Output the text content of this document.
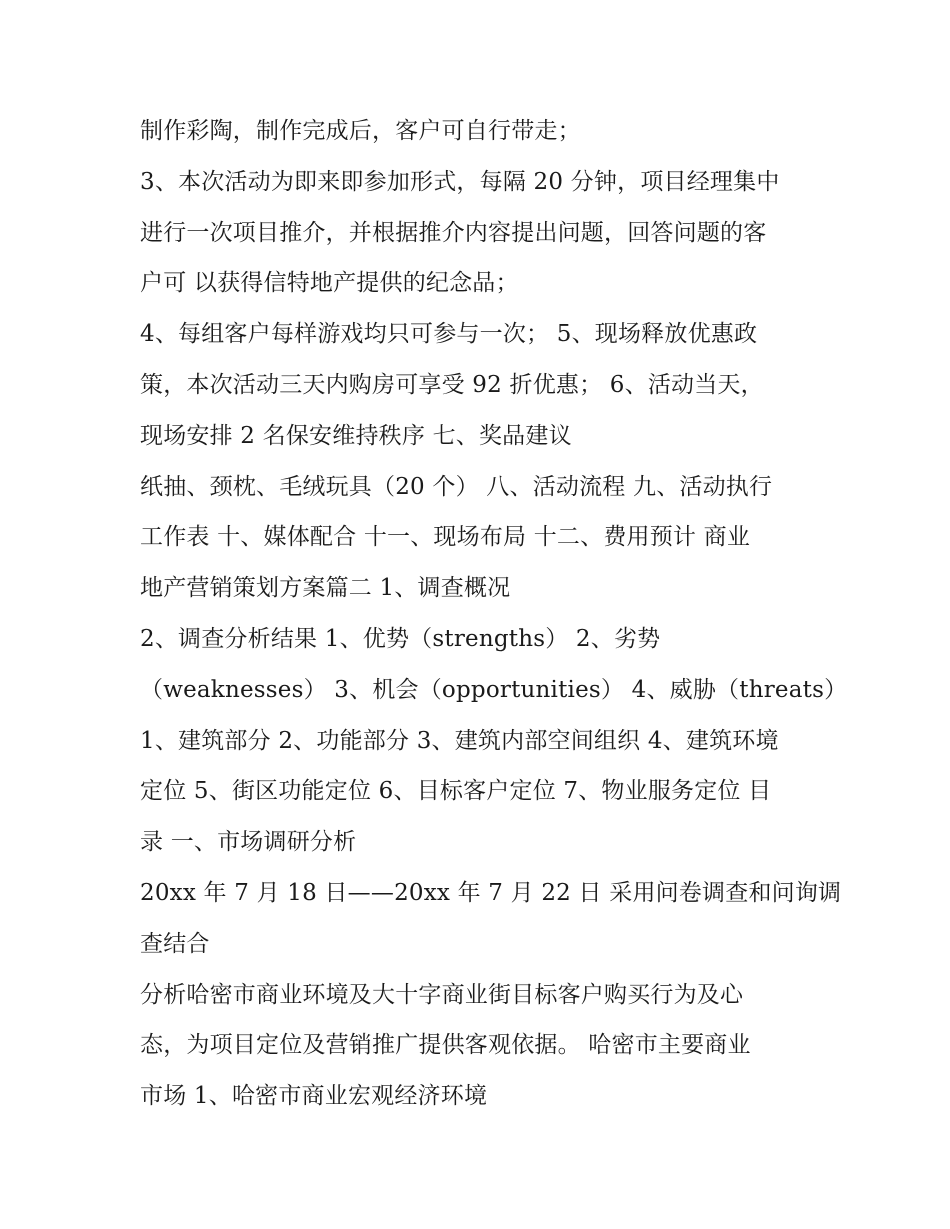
制作彩陶，制作完成后，客户可自行带走；
3、本次活动为即来即参加形式，每隔 20 分钟，项目经理集中
进行一次项目推介，并根据推介内容提出问题，回答问题的客
户可 以获得信特地产提供的纪念品；
4、每组客户每样游戏均只可参与一次； 5、现场释放优惠政
策，本次活动三天内购房可享受 92 折优惠； 6、活动当天，
现场安排 2 名保安维持秩序 七、奖品建议
纸抽、颈枕、毛绒玩具（20 个） 八、活动流程 九、活动执行
工作表 十、媒体配合 十一、现场布局 十二、费用预计 商业
地产营销策划方案篇二 1、调查概况
2、调查分析结果 1、优势（strengths） 2、劣势
（weaknesses） 3、机会（opportunities） 4、威胁（threats）
1、建筑部分 2、功能部分 3、建筑内部空间组织 4、建筑环境
定位 5、街区功能定位 6、目标客户定位 7、物业服务定位 目
录 一、市场调研分析
20xx 年 7 月 18 日——20xx 年 7 月 22 日 采用问卷调查和问询调
查结合
分析哈密市商业环境及大十字商业街目标客户购买行为及心
态，为项目定位及营销推广提供客观依据。 哈密市主要商业
市场 1、哈密市商业宏观经济环境
